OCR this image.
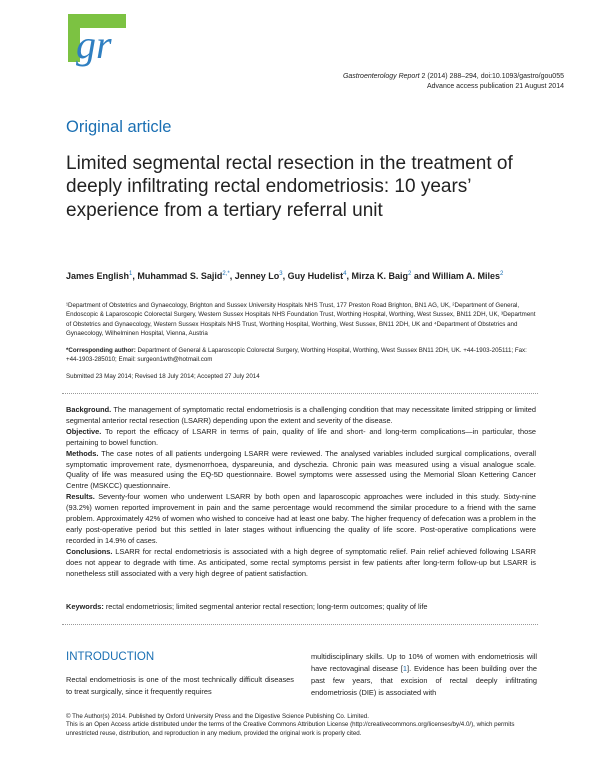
gr
Gastroenterology Report 2 (2014) 288–294, doi:10.1093/gastro/gou055
Advance access publication 21 August 2014
Original article
Limited segmental rectal resection in the treatment of deeply infiltrating rectal endometriosis: 10 years’ experience from a tertiary referral unit
James English$^1$, Muhammad S. Sajid$^{2,*}$, Jenney Lo$^3$, Guy Hudelist$^4$, Mirza K. Baig$^2$ and William A. Miles$^2$
¹Department of Obstetrics and Gynaecology, Brighton and Sussex University Hospitals NHS Trust, 177 Preston Road Brighton, BN1 AG, UK, ²Department of General, Endoscopic & Laparoscopic Colorectal Surgery, Western Sussex Hospitals NHS Foundation Trust, Worthing Hospital, Worthing, West Sussex, BN11 2DH, UK, ³Department of Obstetrics and Gynaecology, Western Sussex Hospitals NHS Trust, Worthing Hospital, Worthing, West Sussex, BN11 2DH, UK and ⁴Department of Obstetrics and Gynaecology, Wilhelminen Hospital, Vienna, Austria
*Corresponding author: Department of General & Laparoscopic Colorectal Surgery, Worthing Hospital, Worthing, West Sussex BN11 2DH, UK. +44-1903-205111; Fax: +44-1903-285010; Email: surgeon1wth@hotmail.com
Submitted 23 May 2014; Revised 18 July 2014; Accepted 27 July 2014

Background. The management of symptomatic rectal endometriosis is a challenging condition that may necessitate limited stripping or limited segmental anterior rectal resection (LSARR) depending upon the extent and severity of the disease.

Objective. To report the efficacy of LSARR in terms of pain, quality of life and short- and long-term complications—in particular, those pertaining to bowel function.

Methods. The case notes of all patients undergoing LSARR were reviewed. The analysed variables included surgical complications, overall symptomatic improvement rate, dysmenorrhoea, dyspareunia, and dyschezia. Chronic pain was measured using a visual analogue scale. Quality of life was measured using the EQ-5D questionnaire. Bowel symptoms were assessed using the Memorial Sloan Kettering Cancer Centre (MSKCC) questionnaire.

Results. Seventy-four women who underwent LSARR by both open and laparoscopic approaches were included in this study. Sixty-nine (93.2%) women reported improvement in pain and the same percentage would recommend the similar procedure to a friend with the same problem. Approximately 42% of women who wished to conceive had at least one baby. The higher frequency of defecation was a problem in the early post-operative period but this settled in later stages without influencing the quality of life score. Post-operative complications were recorded in 14.9% of cases.

Conclusions. LSARR for rectal endometriosis is associated with a high degree of symptomatic relief. Pain relief achieved following LSARR does not appear to degrade with time. As anticipated, some rectal symptoms persist in few patients after long-term follow-up but LSARR is nonetheless still associated with a very high degree of patient satisfaction.

Keywords: rectal endometriosis; limited segmental anterior rectal resection; long-term outcomes; quality of life
INTRODUCTION
Rectal endometriosis is one of the most technically difficult diseases to treat surgically, since it frequently requires
multidisciplinary skills. Up to 10% of women with endometriosis will have rectovaginal disease [1]. Evidence has been building over the past few years, that excision of rectal deeply infiltrating endometriosis (DIE) is associated with
© The Author(s) 2014. Published by Oxford University Press and the Digestive Science Publishing Co. Limited.
This is an Open Access article distributed under the terms of the Creative Commons Attribution License (http://creativecommons.org/licenses/by/4.0/), which permits unrestricted reuse, distribution, and reproduction in any medium, provided the original work is properly cited.
